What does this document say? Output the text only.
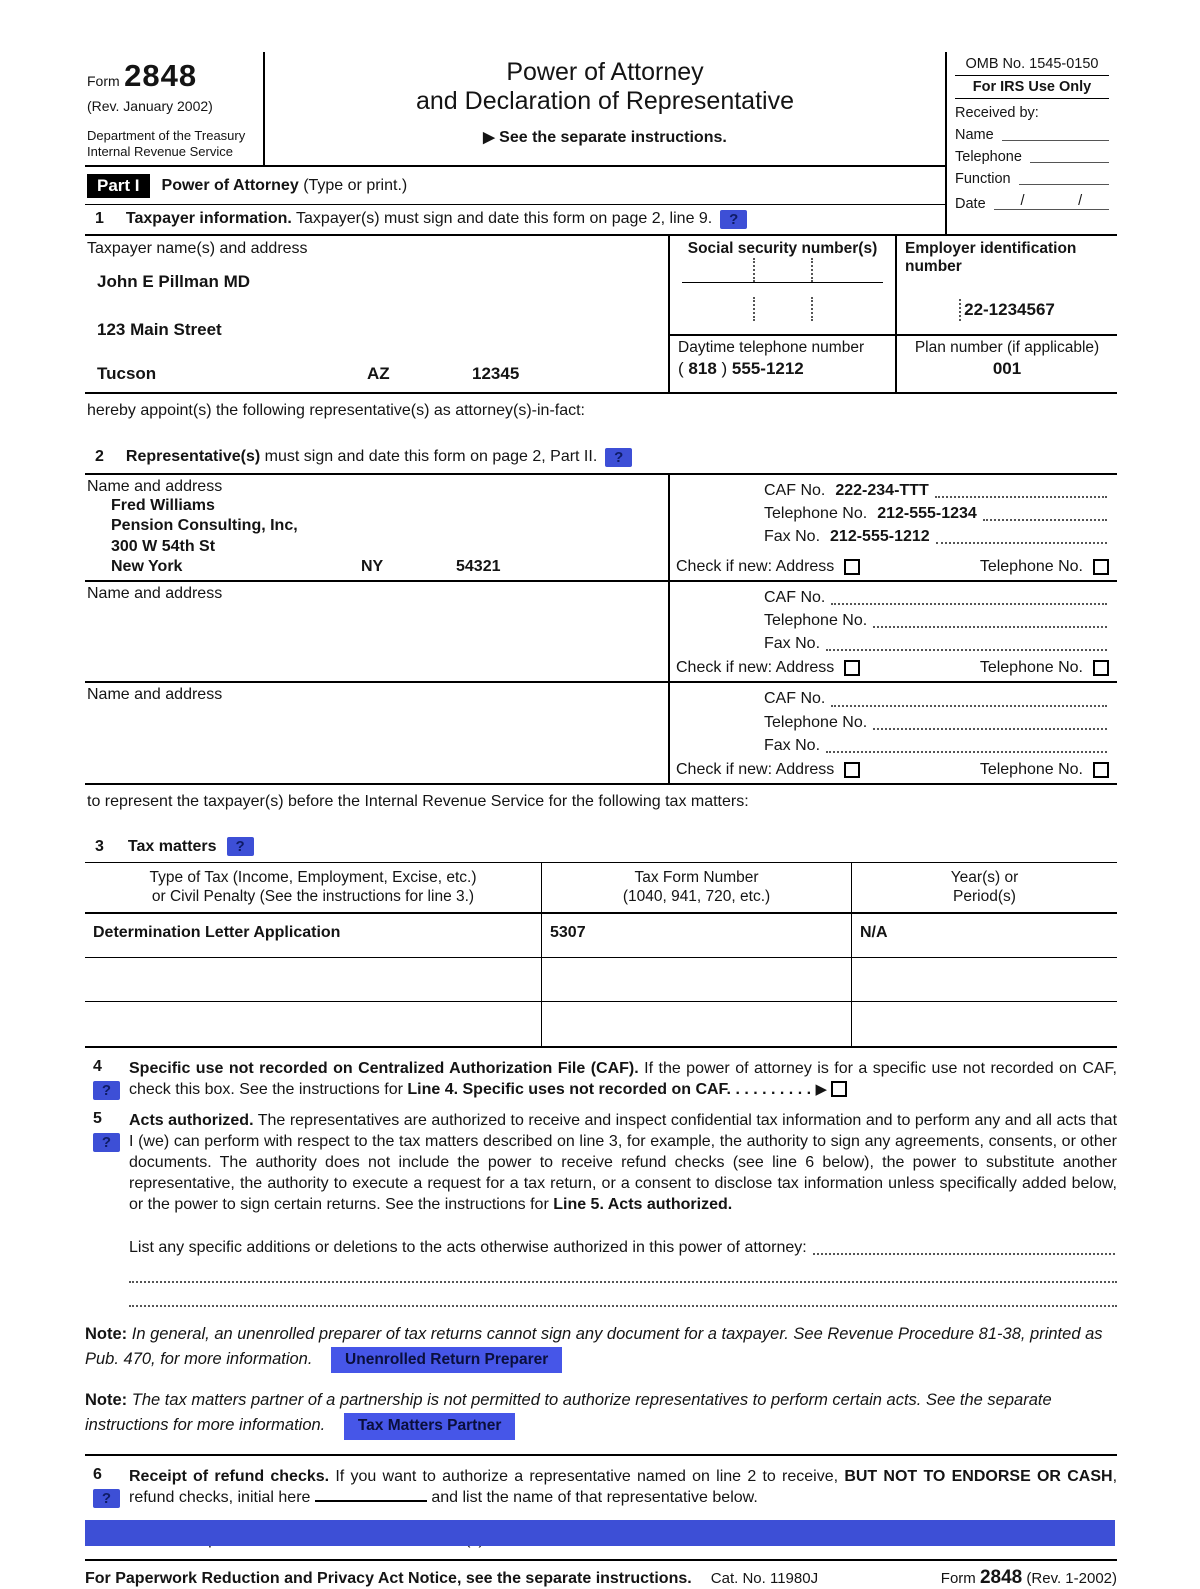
Form 2848
(Rev. January 2002)
Department of the Treasury
Internal Revenue Service
Power of Attorney
and Declaration of Representative
▶ See the separate instructions.
Part I	Power of Attorney (Type or print.)
1 Taxpayer information. Taxpayer(s) must sign and date this form on page 2, line 9.	?
OMB No. 1545-0150
For IRS Use Only
Received by:
Name
Telephone
Function
Date /	/
Taxpayer name(s) and address
John E Pillman MD
123 Main Street
Tucson	AZ	12345
Social security number(s)	Employer identification
number
22-1234567
Daytime telephone number
( 818 ) 555-1212
Plan number (if applicable)
001
hereby appoint(s) the following representative(s) as attorney(s)-in-fact:
2 Representative(s) must sign and date this form on page 2, Part II.	?
Name and address
Fred Williams
Pension Consulting, Inc,
300 W 54th St
New York	NY	54321
CAF No. 222-234-TTT
Telephone No. 212-555-1234
Fax No. 212-555-1212
Check if new: Address	Telephone No.
Name and address	CAF No.
Telephone No.
Fax No.
Check if new: Address	Telephone No.
Name and address	CAF No.
Telephone No.
Fax No.
Check if new: Address	Telephone No.
to represent the taxpayer(s) before the Internal Revenue Service for the following tax matters:
3 Tax matters	?
Type of Tax (Income, Employment, Excise, etc.)
or Civil Penalty (See the instructions for line 3.)
Tax Form Number
(1040, 941, 720, etc.)
Year(s) or
Period(s)
Determination Letter Application	5307	N/A
4
?
Specific use not recorded on Centralized Authorization File (CAF). If the power of attorney is for a specific use not recorded on CAF, check this box. See the instructions for Line 4. Specific uses not recorded on CAF. . . . . . . . . . ▶
5
?
Acts authorized. The representatives are authorized to receive and inspect confidential tax information and to perform any and all acts that I (we) can perform with respect to the tax matters described on line 3, for example, the authority to sign any agreements, consents, or other documents. The authority does not include the power to receive refund checks (see line 6 below), the power to substitute another representative, the authority to execute a request for a tax return, or a consent to disclose tax information unless specifically added below, or the power to sign certain returns. See the instructions for Line 5. Acts authorized.
List any specific additions or deletions to the acts otherwise authorized in this power of attorney:
Note: In general, an unenrolled preparer of tax returns cannot sign any document for a taxpayer. See Revenue Procedure 81-38, printed as Pub. 470, for more information. Unenrolled Return Preparer
Note: The tax matters partner of a partnership is not permitted to authorize representatives to perform certain acts. See the separate instructions for more information. Tax Matters Partner
6
?
Receipt of refund checks. If you want to authorize a representative named on line 2 to receive, BUT NOT TO ENDORSE OR CASH, refund checks, initial here	and list the name of that representative below.
For Paperwork Reduction and Privacy Act Notice, see the separate instructions.	Cat. No. 11980J	Form 2848 (Rev. 1-2002)
